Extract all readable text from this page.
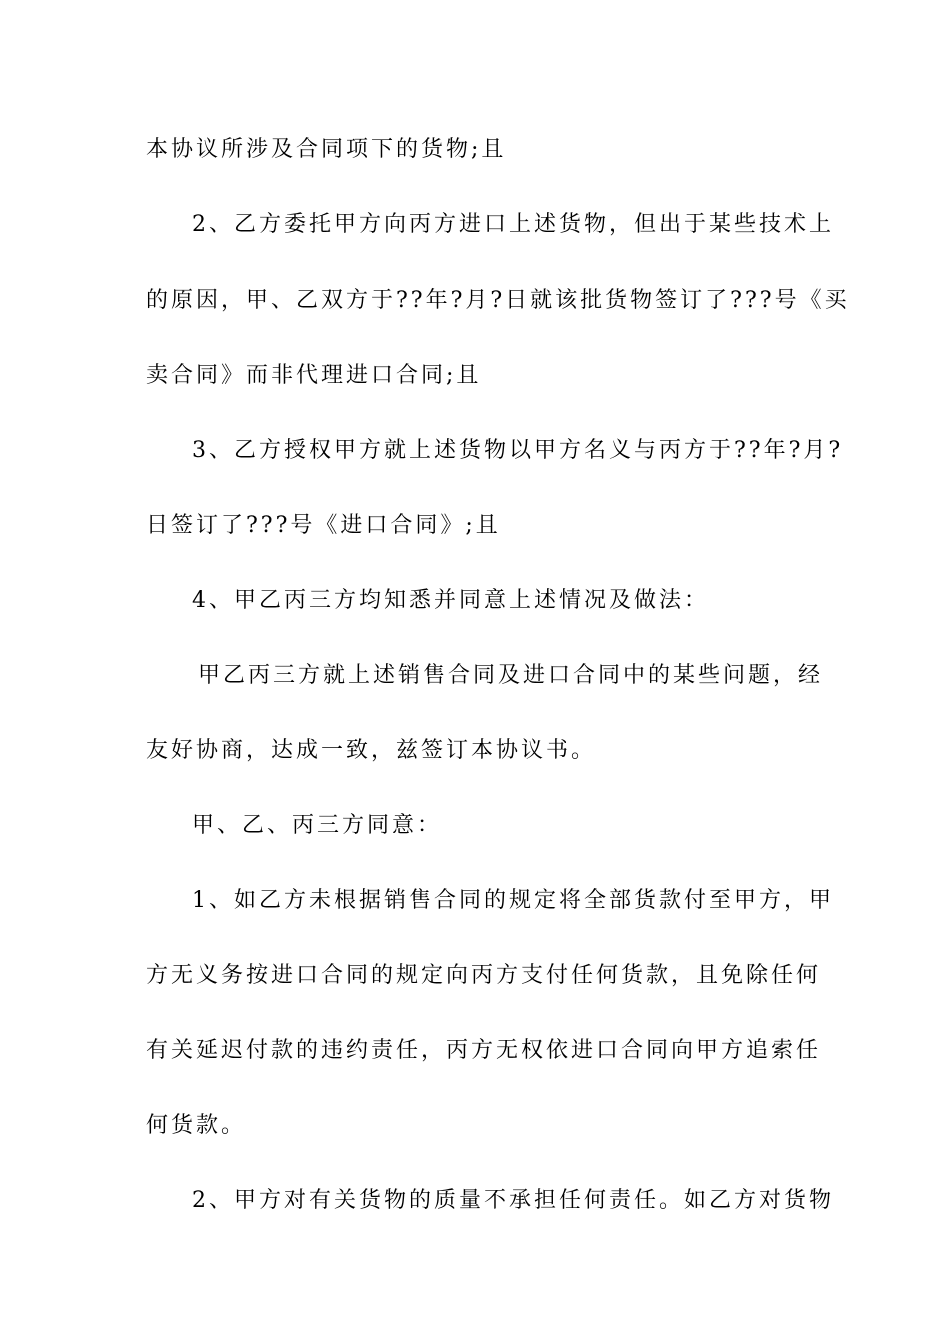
本协议所涉及合同项下的货物;且
2、乙方委托甲方向丙方进口上述货物，但出于某些技术上
的原因，甲、乙双方于??年?月?日就该批货物签订了???号《买
卖合同》而非代理进口合同;且
3、乙方授权甲方就上述货物以甲方名义与丙方于??年?月?
日签订了???号《进口合同》;且
4、甲乙丙三方均知悉并同意上述情况及做法：
甲乙丙三方就上述销售合同及进口合同中的某些问题，经
友好协商，达成一致，兹签订本协议书。
甲、乙、丙三方同意：
1、如乙方未根据销售合同的规定将全部货款付至甲方，甲
方无义务按进口合同的规定向丙方支付任何货款，且免除任何
有关延迟付款的违约责任，丙方无权依进口合同向甲方追索任
何货款。
2、甲方对有关货物的质量不承担任何责任。如乙方对货物
